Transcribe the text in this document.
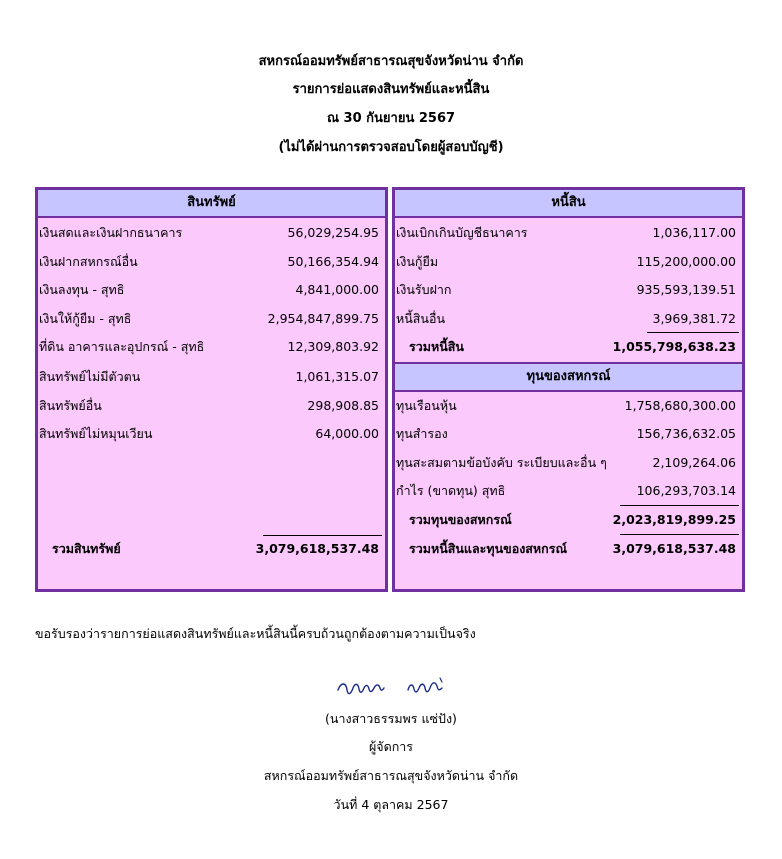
สหกรณ์ออมทรัพย์สาธารณสุขจังหวัดน่าน จำกัด
รายการย่อแสดงสินทรัพย์และหนี้สิน
ณ 30 กันยายน 2567
(ไม่ได้ผ่านการตรวจสอบโดยผู้สอบบัญชี)
สินทรัพย์
เงินสดและเงินฝากธนาคาร	56,029,254.95
เงินฝากสหกรณ์อื่น	50,166,354.94
เงินลงทุน - สุทธิ	4,841,000.00
เงินให้กู้ยืม - สุทธิ	2,954,847,899.75
ที่ดิน อาคารและอุปกรณ์ - สุทธิ	12,309,803.92
สินทรัพย์ไม่มีตัวตน	1,061,315.07
สินทรัพย์อื่น	298,908.85
สินทรัพย์ไม่หมุนเวียน	64,000.00
รวมสินทรัพย์	3,079,618,537.48
หนี้สิน
เงินเบิกเกินบัญชีธนาคาร	1,036,117.00
เงินกู้ยืม	115,200,000.00
เงินรับฝาก	935,593,139.51
หนี้สินอื่น	3,969,381.72
รวมหนี้สิน	1,055,798,638.23
ทุนของสหกรณ์
ทุนเรือนหุ้น	1,758,680,300.00
ทุนสำรอง	156,736,632.05
ทุนสะสมตามข้อบังคับ ระเบียบและอื่น ๆ	2,109,264.06
กำไร (ขาดทุน) สุทธิ	106,293,703.14
รวมทุนของสหกรณ์	2,023,819,899.25
รวมหนี้สินและทุนของสหกรณ์	3,079,618,537.48
ขอรับรองว่ารายการย่อแสดงสินทรัพย์และหนี้สินนี้ครบถ้วนถูกต้องตามความเป็นจริง
(นางสาวธรรมพร แซ่ปัง)
ผู้จัดการ
สหกรณ์ออมทรัพย์สาธารณสุขจังหวัดน่าน จำกัด
วันที่ 4 ตุลาคม 2567
